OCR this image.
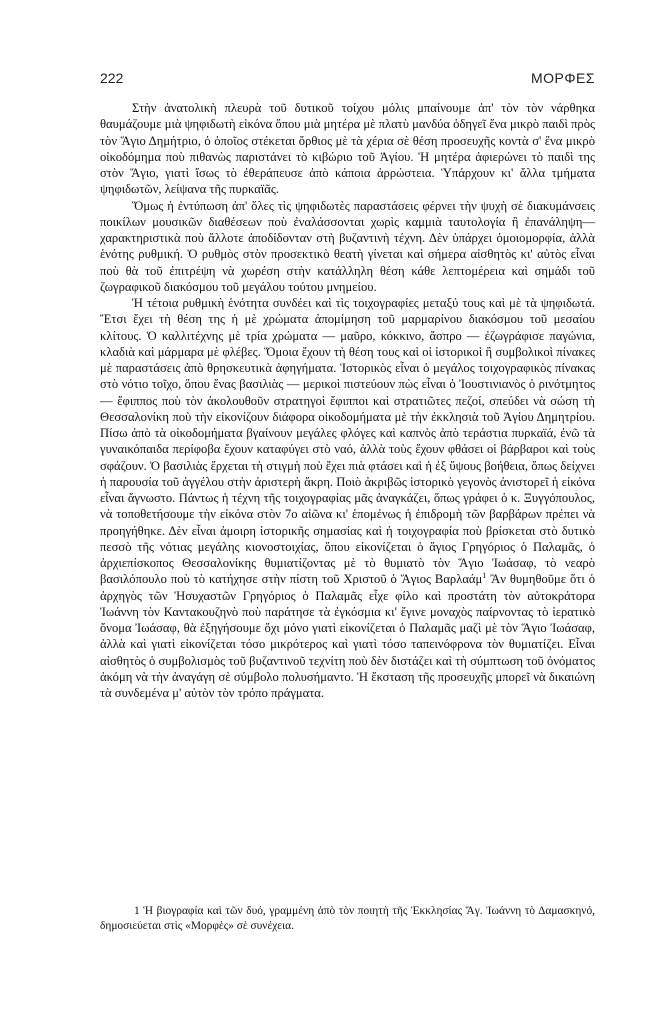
222	ΜΟΡΦΕΣ

Στὴν ἀνατολικὴ πλευρὰ τοῦ δυτικοῦ τοίχου μόλις μπαίνουμε ἀπ' τὸν τὸν νάρθηκα θαυμάζουμε μιὰ ψηφιδωτὴ εἰκόνα ὅπου μιὰ μητέρα μὲ πλατὺ μανδύα ὁδηγεῖ ἕνα μικρὸ παιδὶ πρὸς τὸν Ἅγιο Δημήτριο, ὁ ὁποῖος στέκεται ὄρθιος μὲ τὰ χέρια σὲ θέση προσευχῆς κοντὰ σ' ἕνα μικρὸ οἰκοδόμημα ποὺ πιθανὼς παριστάνει τὸ κιβώριο τοῦ Ἁγίου. Ἡ μητέρα ἀφιερώνει τὸ παιδὶ της στὸν Ἅγιο, γιατὶ ἴσως τὸ ἐθεράπευσε ἀπὸ κάποια ἀρρώστεια. Ὑπάρχουν κι' ἄλλα τμήματα ψηφιδωτῶν, λείψανα τῆς πυρκαϊᾶς.

Ὅμως ἡ ἐντύπωση ἀπ' ὅλες τὶς ψηφιδωτὲς παραστάσεις φέρνει τὴν ψυχὴ σὲ διακυμάνσεις ποικίλων μουσικῶν διαθέσεων ποὺ ἐναλάσσονται χωρὶς καμμιὰ ταυτολογία ἢ ἐπανάληψη—χαρακτηριστικὰ ποὺ ἄλλοτε ἀποδίδονταν στὴ βυζαντινὴ τέχνη. Δὲν ὑπάρχει ὁμοιομορφία, ἀλλὰ ἑνότης ρυθμική. Ὁ ρυθμὸς στὸν προσεκτικὸ θεατὴ γίνεται καὶ σήμερα αἰσθητὸς κι' αὐτὸς εἶναι ποὺ θὰ τοῦ ἐπιτρέψη νὰ χωρέση στὴν κατάλληλη θέση κάθε λεπτομέρεια καὶ σημάδι τοῦ ζωγραφικοῦ διακόσμου τοῦ μεγάλου τούτου μνημείου.

Ἡ τέτοια ρυθμικὴ ἑνότητα συνδέει καὶ τὶς τοιχογραφίες μεταξύ τους καὶ μὲ τὰ ψηφιδωτά. Ἔτσι ἔχει τὴ θέση της ἡ μὲ χρώματα ἀπομίμηση τοῦ μαρμαρίνου διακόσμου τοῦ μεσαίου κλίτους. Ὁ καλλιτέχνης μὲ τρία χρώματα — μαῦρο, κόκκινο, ἄσπρο — ἐζωγράφισε παγώνια, κλαδιὰ καὶ μάρμαρα μὲ φλέβες. Ὅμοια ἔχουν τὴ θέση τους καὶ οἱ ἱστορικοὶ ἢ συμβολικοὶ πίνακες μὲ παραστάσεις ἀπὸ θρησκευτικὰ ἀφηγήματα. Ἱστορικὸς εἶναι ὁ μεγάλος τοιχογραφικὸς πίνακας στὸ νότιο τοῖχο, ὅπου ἕνας βασιλιὰς — μερικοὶ πιστεύουν πὼς εἶναι ὁ Ἰουστινιανὸς ὁ ρινότμητος — ἔφιππος ποὺ τὸν ἀκολουθοῦν στρατηγοὶ ἔφιπποι καὶ στρατιῶτες πεζοί, σπεύδει νὰ σώση τὴ Θεσσαλονίκη ποὺ τὴν εἰκονίζουν διάφορα οἰκοδομήματα μὲ τὴν ἐκκλησιὰ τοῦ Ἁγίου Δημητρίου. Πίσω ἀπὸ τὰ οἰκοδομήματα βγαίνουν μεγάλες φλόγες καὶ καπνὸς ἀπὸ τεράστια πυρκαϊά, ἐνῶ τὰ γυναικόπαιδα περίφοβα ἔχουν καταφύγει στὸ ναό, ἀλλὰ τοὺς ἔχουν φθάσει οἱ βάρβαροι καὶ τοὺς σφάζουν. Ὁ βασιλιὰς ἔρχεται τὴ στιγμὴ ποὺ ἔχει πιὰ φτάσει καὶ ἡ ἐξ ὕψους βοήθεια, ὅπως δείχνει ἡ παρουσία τοῦ ἀγγέλου στὴν ἀριστερὴ ἄκρη. Ποιὸ ἀκριβῶς ἱστορικὸ γεγονὸς ἀνιστορεῖ ἡ εἰκόνα εἶναι ἄγνωστο. Πάντως ἡ τέχνη τῆς τοιχογραφίας μᾶς ἀναγκάζει, ὅπως γράφει ὁ κ. Ξυγγόπουλος, νὰ τοποθετήσουμε τὴν εἰκόνα στὸν 7ο αἰῶνα κι' ἑπομένως ἡ ἐπιδρομὴ τῶν βαρβάρων πρέπει νὰ προηγήθηκε. Δὲν εἶναι ἀμοιρη ἱστορικῆς σημασίας καὶ ἡ τοιχογραφία ποὺ βρίσκεται στὸ δυτικὸ πεσσὸ τῆς νότιας μεγάλης κιονοστοιχίας, ὅπου εἰκονίζεται ὁ ἅγιος Γρηγόριος ὁ Παλαμᾶς, ὁ ἀρχιεπίσκοπος Θεσσαλονίκης θυμιατίζοντας μὲ τὸ θυμιατὸ τὸν Ἅγιο Ἰωάσαφ, τὸ νεαρὸ βασιλόπουλο ποὺ τὸ κατήχησε στὴν πίστη τοῦ Χριστοῦ ὁ Ἅγιος Βαρλαάμ$^1$ Ἂν θυμηθοῦμε ὅτι ὁ ἀρχηγὸς τῶν Ἡσυχαστῶν Γρηγόριος ὁ Παλαμᾶς εἶχε φίλο καὶ προστάτη τὸν αὐτοκράτορα Ἰωάννη τὸν Καντακουζηνὸ ποὺ παράτησε τὰ ἐγκόσμια κι' ἔγινε μοναχὸς παίρνοντας τὸ ἱερατικὸ ὄνομα Ἰωάσαφ, θὰ ἐξηγήσουμε ὄχι μόνο γιατὶ εἰκονίζεται ὁ Παλαμᾶς μαζὶ μὲ τὸν Ἅγιο Ἰωάσαφ, ἀλλὰ καὶ γιατὶ εἰκονίζεται τόσο μικρότερος καὶ γιατὶ τόσο ταπεινόφρονα τὸν θυμιατίζει. Εἶναι αἰσθητὸς ὁ συμβολισμὸς τοῦ βυζαντινοῦ τεχνίτη ποὺ δὲν διστάζει καὶ τὴ σύμπτωση τοῦ ὀνόματος ἀκόμη νὰ τὴν ἀναγάγη σὲ σύμβολο πολυσήμαντο. Ἡ ἔκσταση τῆς προσευχῆς μπορεῖ νὰ δικαιώνη τὰ συνδεμένα μ' αὐτὸν τὸν τρόπο πράγματα.

1 Ἡ βιογραφία καὶ τῶν δυό, γραμμένη ἀπὸ τὸν ποιητὴ τῆς Ἐκκλησίας Ἅγ. Ἰωάννη τὸ Δαμασκηνό, δημοσιεύεται στὶς «Μορφὲς» σὲ συνέχεια.
